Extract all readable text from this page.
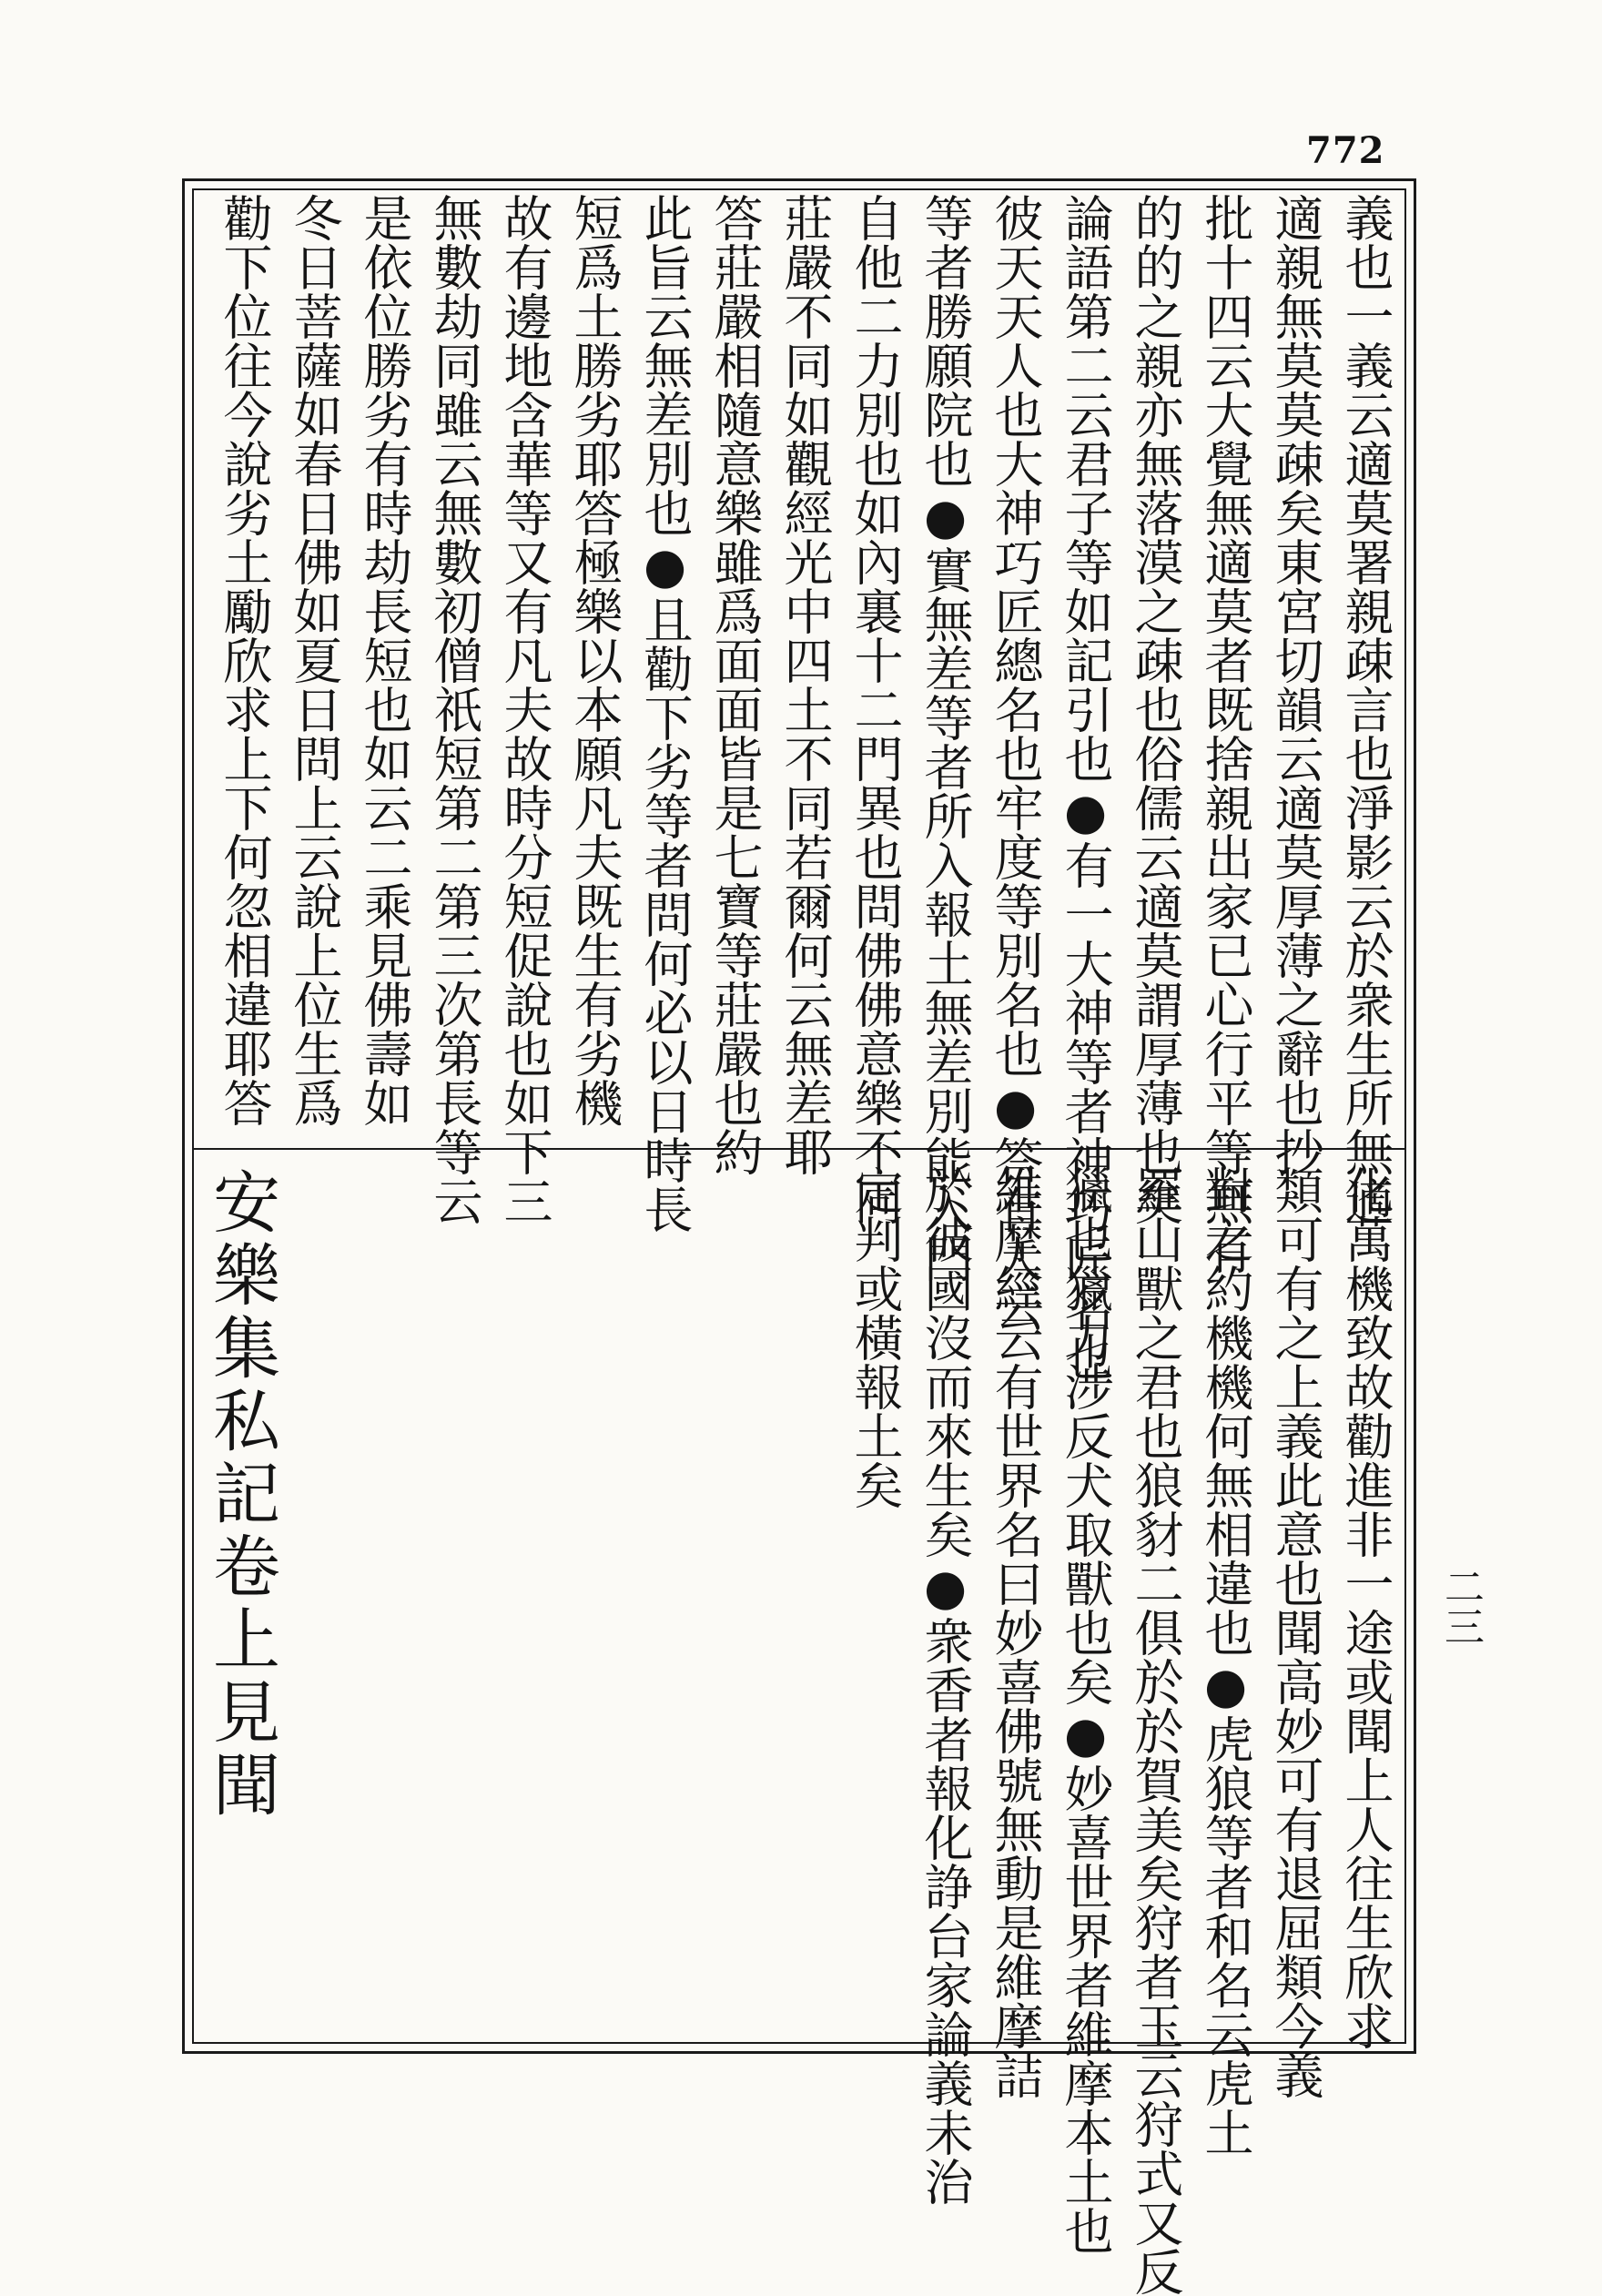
772
義也一義云適莫署親疎言也淨影云於衆生所無適
適親無莫莫疎矣東宮切韻云適莫厚薄之辭也抄
批十四云大覺無適莫者既捨親出家已心行平等無有
的的之親亦無落漠之疎也俗儒云適莫謂厚薄也矣
論語第二云君子等如記引也●有一大神等者神巧匠名也
彼天天人也大神巧匠總名也牢度等別名也●答有人云
等者勝願院也●實無差等者所入報土無差別能入門
自他二力別也如內裏十二門異也問佛佛意樂不同
莊嚴不同如觀經光中四土不同若爾何云無差耶
答莊嚴相隨意樂雖爲面面皆是七寶等莊嚴也約
此旨云無差別也●且勸下劣等者問何必以日時長
短爲土勝劣耶答極樂以本願凡夫既生有劣機
故有邊地含華等又有凡夫故時分短促說也如下三
無數劫同雖云無數初僧祇短第二第三次第長等云
是依位勝劣有時劫長短也如云二乘見佛壽如
冬日菩薩如春日佛如夏日問上云說上位生爲
勸下位往今說劣土勵欣求上下何忽相違耶答
化萬機致故勸進非一途或聞上人往生欣求
類可有之上義此意也聞高妙可有退屈類今義
對之約機機何無相違也●虎狼等者和名云虎土
羅山獸之君也狼豺二俱於於賀美矣狩者玉云狩式又反
獵也獵力涉反犬取獸也矣●妙喜世界者維摩本土也
維摩經云有世界名曰妙喜佛號無動是維摩詰
於彼國沒而來生矣●衆香者報化諍台家論義未治
定判或橫報土矣
安樂集私記卷上見聞	二三
